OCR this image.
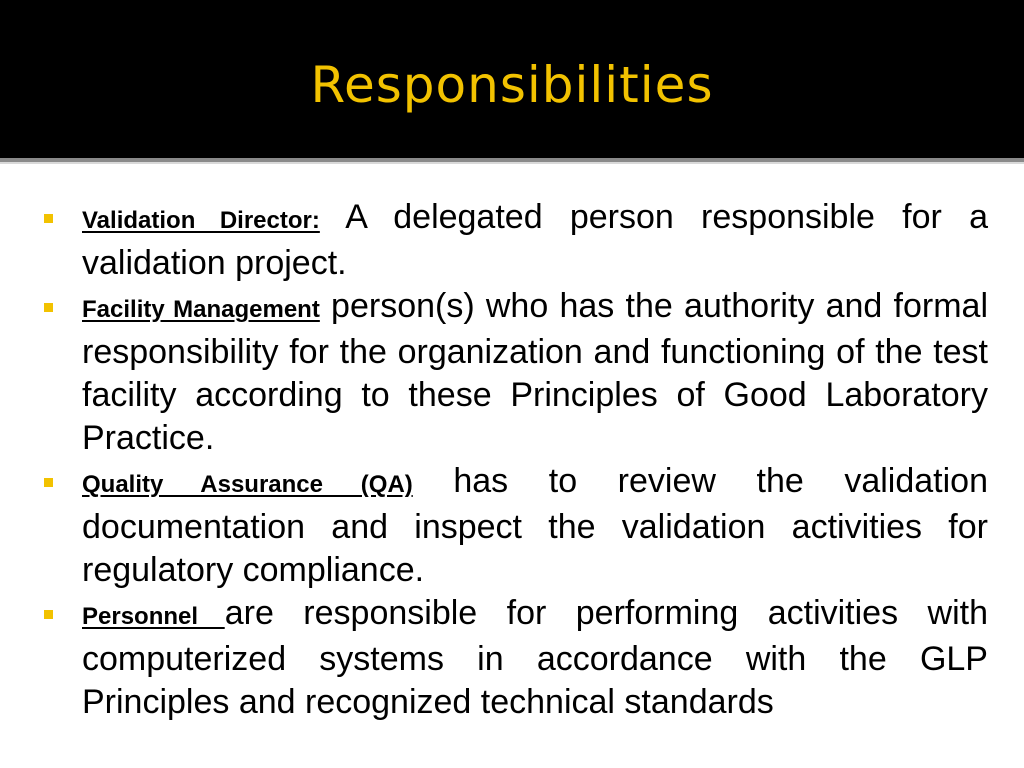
Responsibilities
Validation Director: A delegated person responsible for a validation project.
Facility Management person(s) who has the authority and formal responsibility for the organization and functioning of the test facility according to these Principles of Good Laboratory Practice.
Quality Assurance (QA) has to review the validation documentation and inspect the validation activities for regulatory compliance.
Personnel are responsible for performing activities with computerized systems in accordance with the GLP Principles and recognized technical standards
